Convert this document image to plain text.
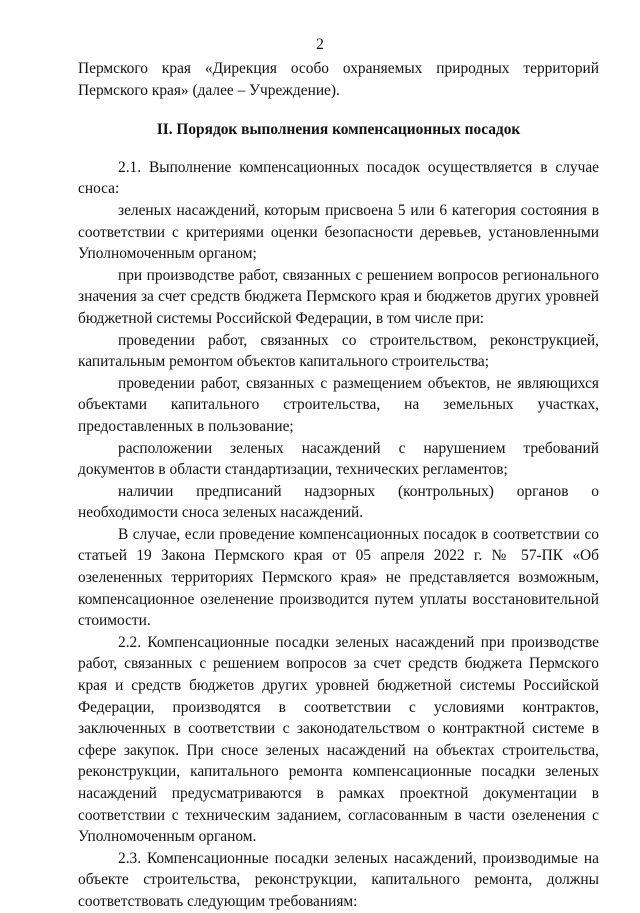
2

Пермского края «Дирекция особо охраняемых природных территорий Пермского края» (далее – Учреждение).

II. Порядок выполнения компенсационных посадок

2.1. Выполнение компенсационных посадок осуществляется в случае сноса:

зеленых насаждений, которым присвоена 5 или 6 категория состояния в соответствии с критериями оценки безопасности деревьев, установленными Уполномоченным органом;

при производстве работ, связанных с решением вопросов регионального значения за счет средств бюджета Пермского края и бюджетов других уровней бюджетной системы Российской Федерации, в том числе при:

проведении работ, связанных со строительством, реконструкцией, капитальным ремонтом объектов капитального строительства;

проведении работ, связанных с размещением объектов, не являющихся объектами капитального строительства, на земельных участках, предоставленных в пользование;

расположении зеленых насаждений с нарушением требований документов в области стандартизации, технических регламентов;

наличии предписаний надзорных (контрольных) органов о необходимости сноса зеленых насаждений.

В случае, если проведение компенсационных посадок в соответствии со статьей 19 Закона Пермского края от 05 апреля 2022 г. № 57-ПК «Об озелененных территориях Пермского края» не представляется возможным, компенсационное озеленение производится путем уплаты восстановительной стоимости.

2.2. Компенсационные посадки зеленых насаждений при производстве работ, связанных с решением вопросов за счет средств бюджета Пермского края и средств бюджетов других уровней бюджетной системы Российской Федерации, производятся в соответствии с условиями контрактов, заключенных в соответствии с законодательством о контрактной системе в сфере закупок. При сносе зеленых насаждений на объектах строительства, реконструкции, капитального ремонта компенсационные посадки зеленых насаждений предусматриваются в рамках проектной документации в соответствии с техническим заданием, согласованным в части озеленения с Уполномоченным органом.

2.3. Компенсационные посадки зеленых насаждений, производимые на объекте строительства, реконструкции, капитального ремонта, должны соответствовать следующим требованиям:
